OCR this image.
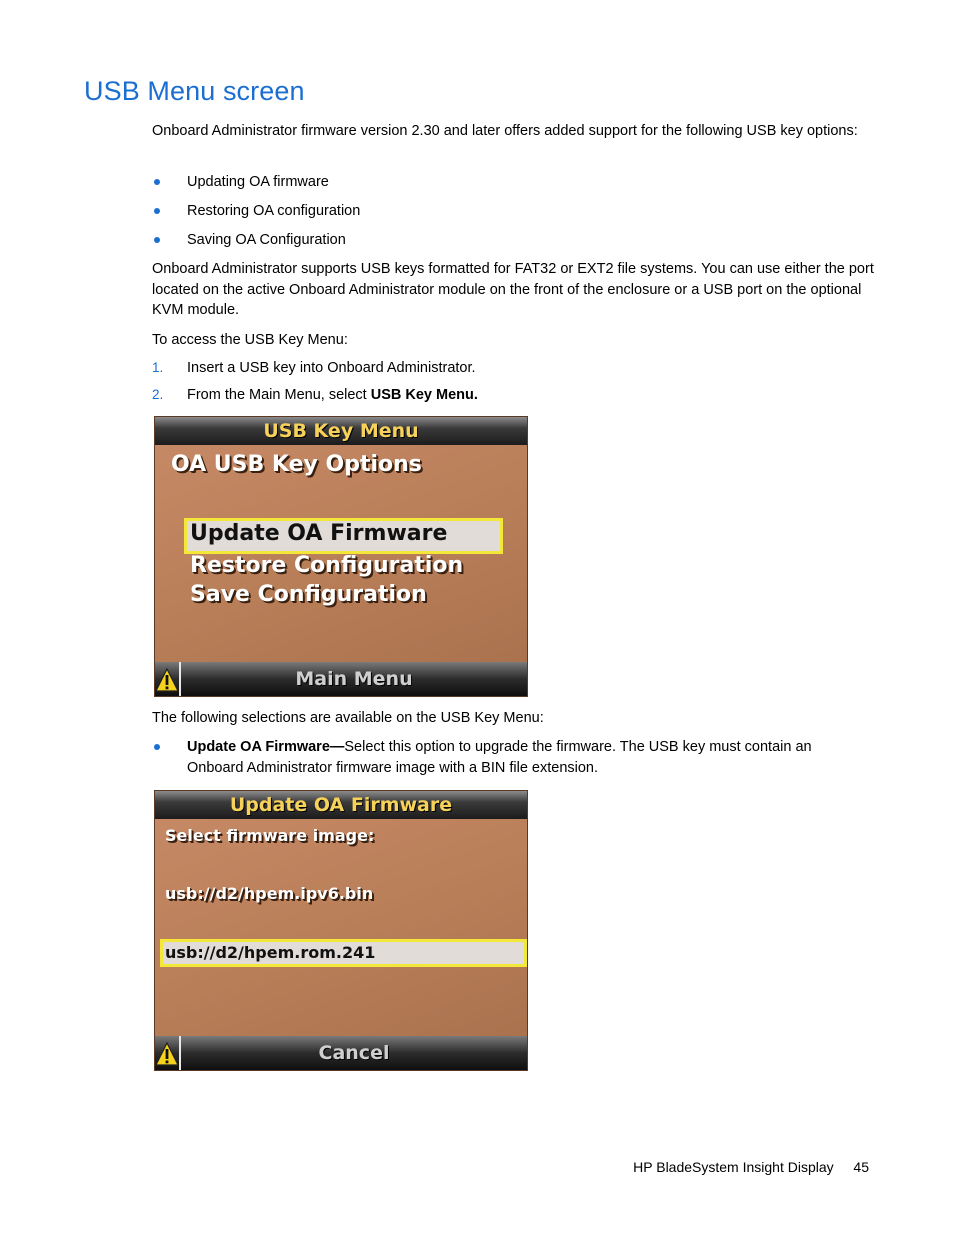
USB Menu screen
Onboard Administrator firmware version 2.30 and later offers added support for the following USB key options:
Updating OA firmware
Restoring OA configuration
Saving OA Configuration
Onboard Administrator supports USB keys formatted for FAT32 or EXT2 file systems. You can use either the port located on the active Onboard Administrator module on the front of the enclosure or a USB port on the optional KVM module.
To access the USB Key Menu:
1. Insert a USB key into Onboard Administrator.
2. From the Main Menu, select USB Key Menu.
USB Key Menu
OA USB Key Options
Update OA Firmware
Restore Configuration
Save Configuration
Main Menu
The following selections are available on the USB Key Menu:
Update OA Firmware—Select this option to upgrade the firmware. The USB key must contain an Onboard Administrator firmware image with a BIN file extension.
Update OA Firmware
Select firmware image:
usb://d2/hpem.ipv6.bin
usb://d2/hpem.rom.241
Cancel
HP BladeSystem Insight Display 45
